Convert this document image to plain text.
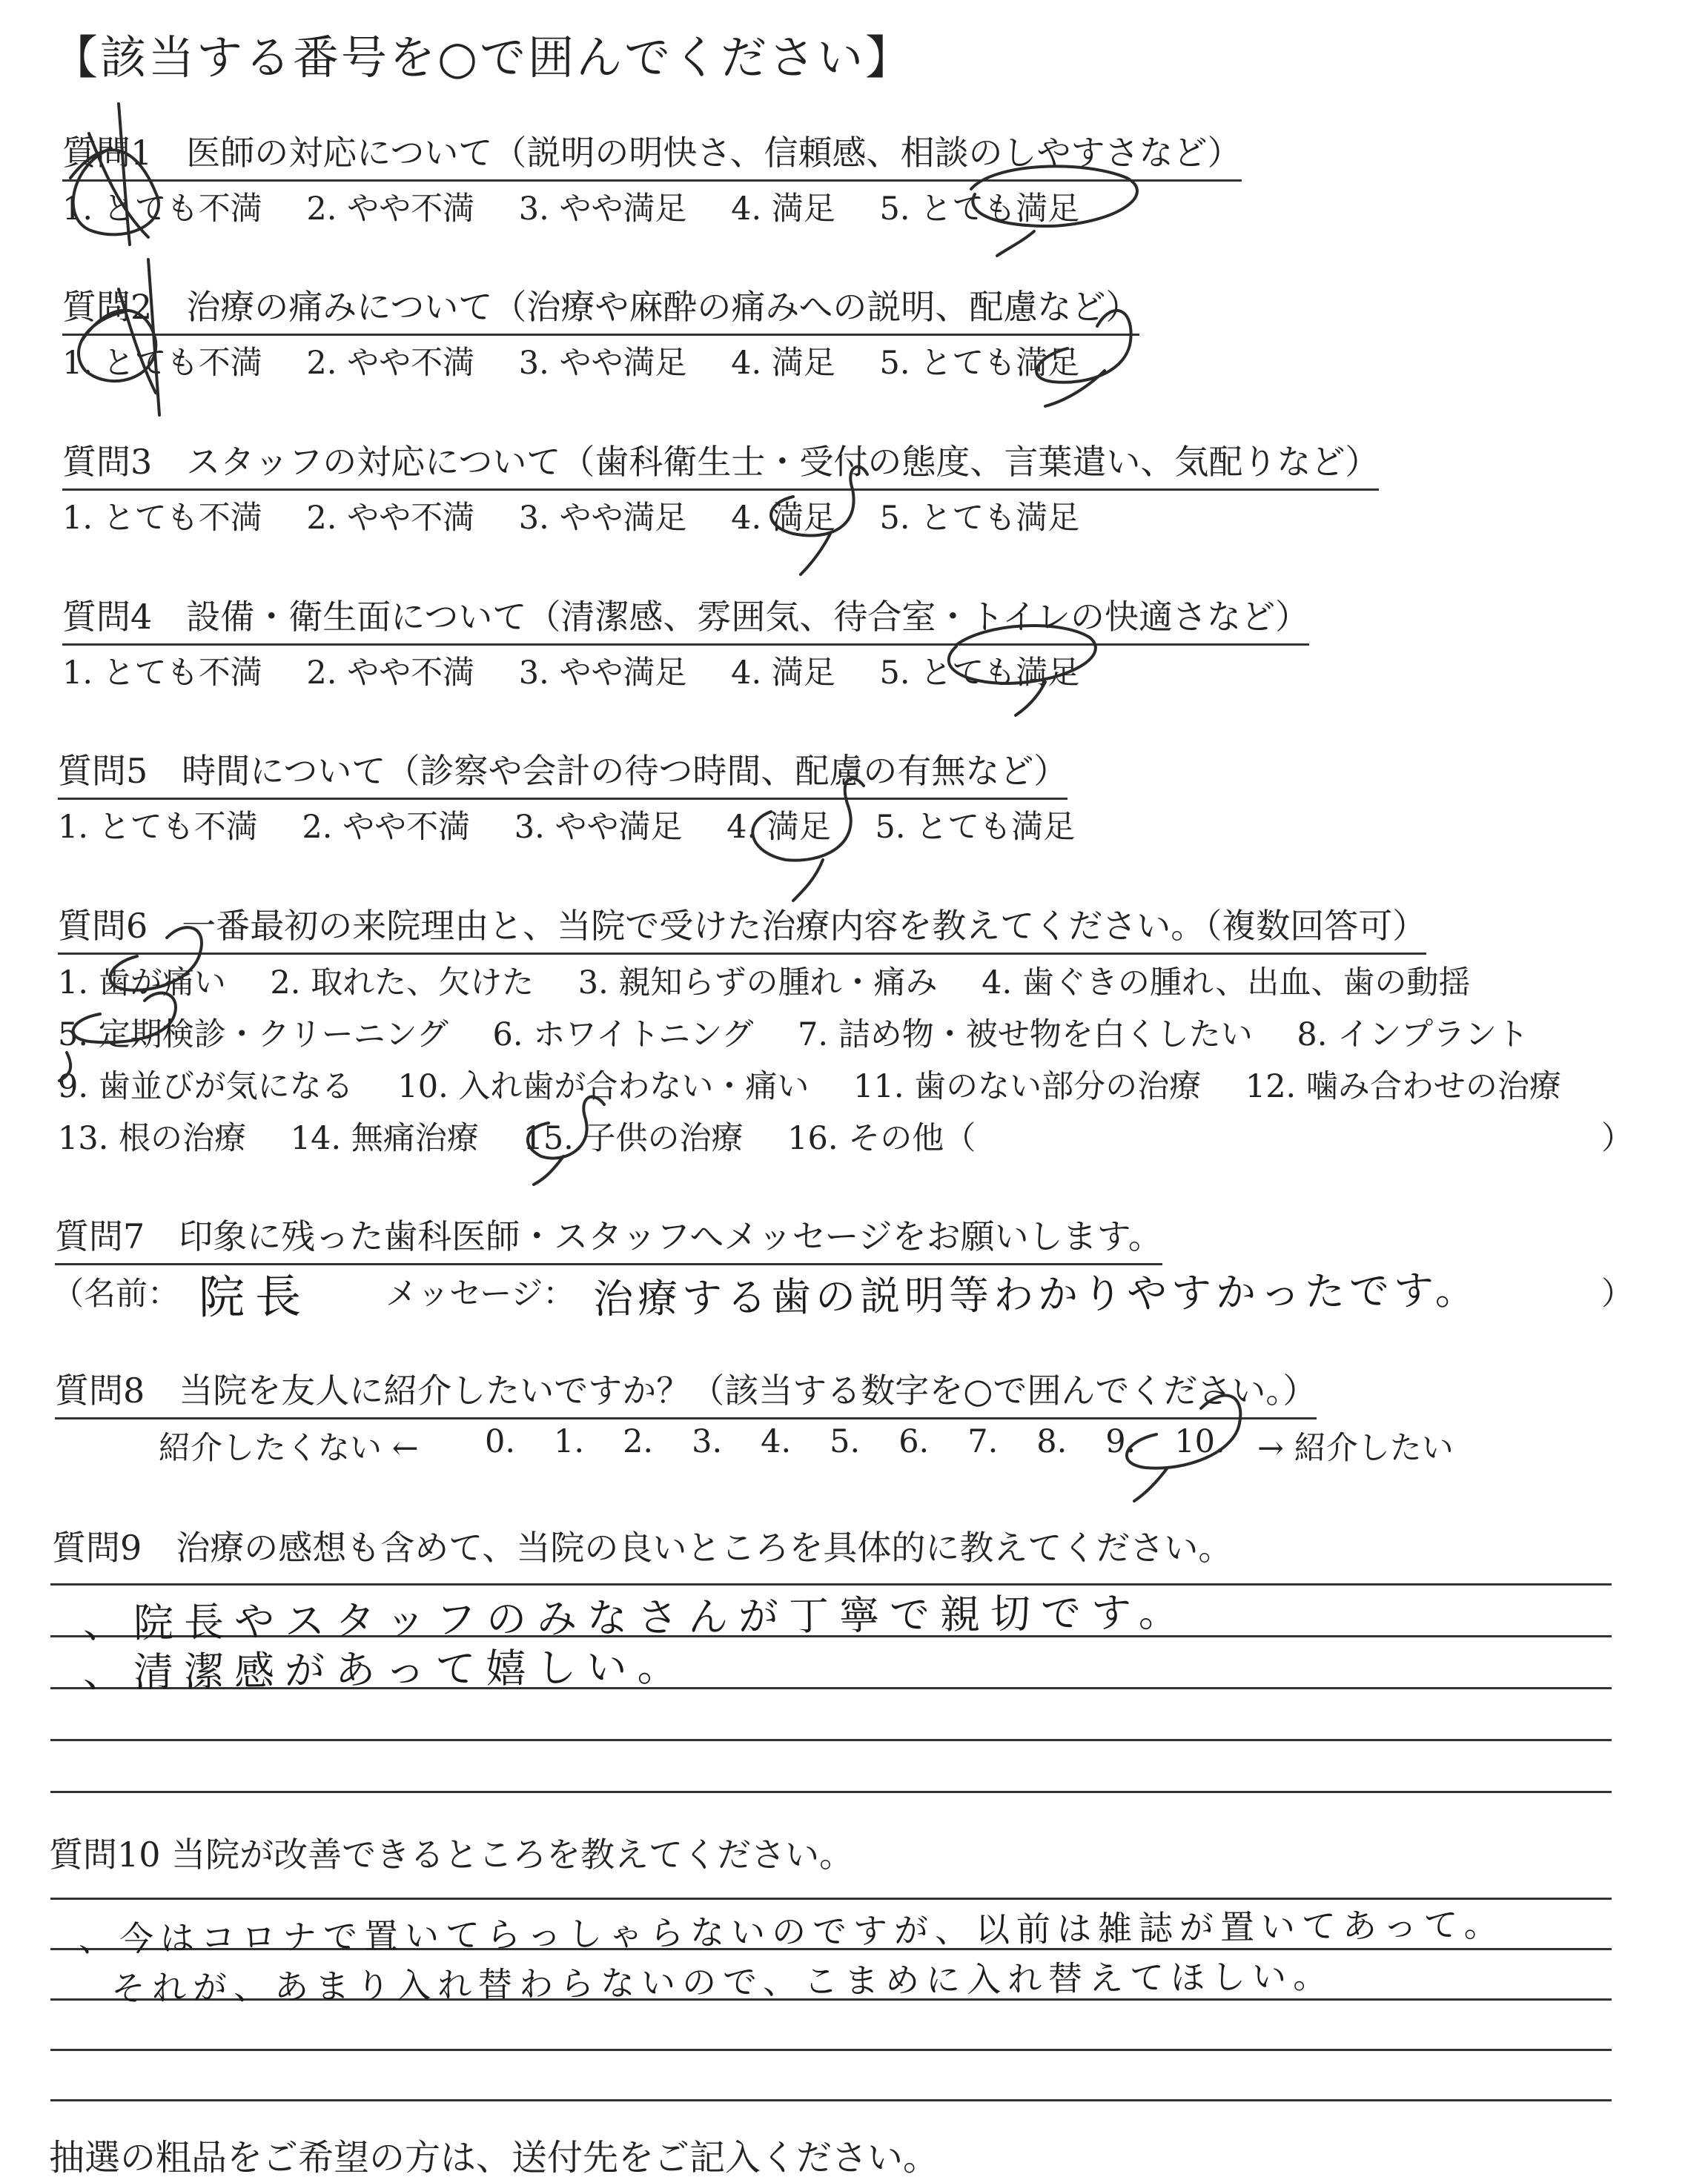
【該当する番号を○で囲んでください】
質問1　医師の対応について（説明の明快さ、信頼感、相談のしやすさなど）
1. とても不満 2. やや不満 3. やや満足 4. 満足 5. とても満足
質問2　治療の痛みについて（治療や麻酔の痛みへの説明、配慮など）
1. とても不満 2. やや不満 3. やや満足 4. 満足 5. とても満足
質問3　スタッフの対応について（歯科衛生士・受付の態度、言葉遣い、気配りなど）
1. とても不満 2. やや不満 3. やや満足 4. 満足 5. とても満足
質問4　設備・衛生面について（清潔感、雰囲気、待合室・トイレの快適さなど）
1. とても不満 2. やや不満 3. やや満足 4. 満足 5. とても満足
質問5　時間について（診察や会計の待つ時間、配慮の有無など）
1. とても不満 2. やや不満 3. やや満足 4. 満足 5. とても満足
質問6　一番最初の来院理由と、当院で受けた治療内容を教えてください。（複数回答可）
1. 歯が痛い 2. 取れた、欠けた 3. 親知らずの腫れ・痛み 4. 歯ぐきの腫れ、出血、歯の動揺
5. 定期検診・クリーニング 6. ホワイトニング 7. 詰め物・被せ物を白くしたい 8. インプラント
9. 歯並びが気になる 10. 入れ歯が合わない・痛い 11. 歯のない部分の治療 12. 噛み合わせの治療
13. 根の治療 14. 無痛治療 15. 子供の治療 16. その他（	）
質問7　印象に残った歯科医師・スタッフへメッセージをお願いします。
（名前： 院長 メッセージ： 治療する歯の説明等わかりやすかったです。	）
質問8　当院を友人に紹介したいですか？（該当する数字を○で囲んでください。）
紹介したくない ← 0. 1. 2. 3. 4. 5. 6. 7. 8. 9. 10.	→ 紹介したい
質問9　治療の感想も含めて、当院の良いところを具体的に教えてください。
、院長やスタッフのみなさんが丁寧で親切です。
、清潔感があって嬉しい。
質問10 当院が改善できるところを教えてください。
、今はコロナで置いてらっしゃらないのですが、以前は雑誌が置いてあって。
それが、あまり入れ替わらないので、こまめに入れ替えてほしい。
抽選の粗品をご希望の方は、送付先をご記入ください。
